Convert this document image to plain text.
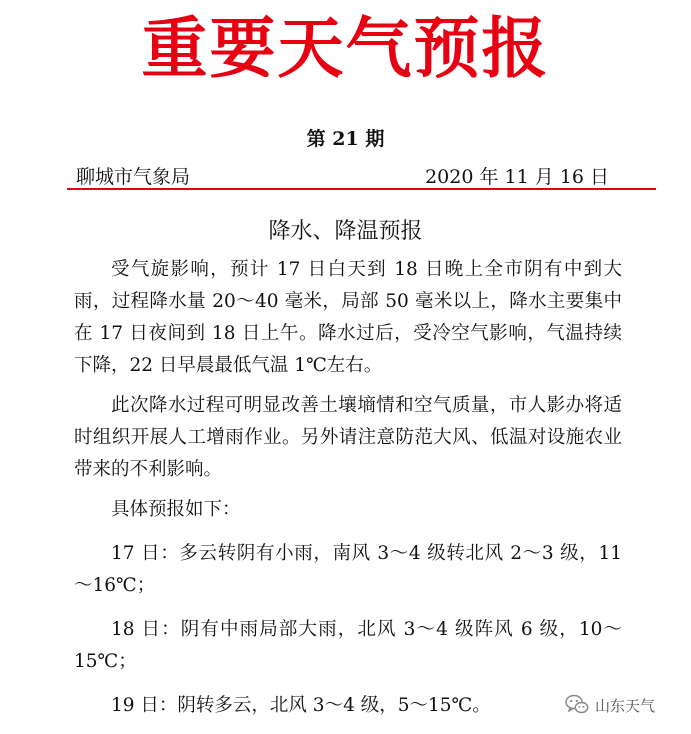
重要天气预报
第 21 期
聊城市气象局	2020 年 11 月 16 日
降水、降温预报

受气旋影响，预计 17 日白天到 18 日晚上全市阴有中到大雨，过程降水量 20～40 毫米，局部 50 毫米以上，降水主要集中在 17 日夜间到 18 日上午。降水过后，受冷空气影响，气温持续下降，22 日早晨最低气温 1℃左右。

此次降水过程可明显改善土壤墒情和空气质量，市人影办将适时组织开展人工增雨作业。另外请注意防范大风、低温对设施农业带来的不利影响。

具体预报如下：

17 日：多云转阴有小雨，南风 3～4 级转北风 2～3 级，11～16℃；

18 日：阴有中雨局部大雨，北风 3～4 级阵风 6 级，10～15℃；

19 日：阴转多云，北风 3～4 级，5～15℃。	山东天气
